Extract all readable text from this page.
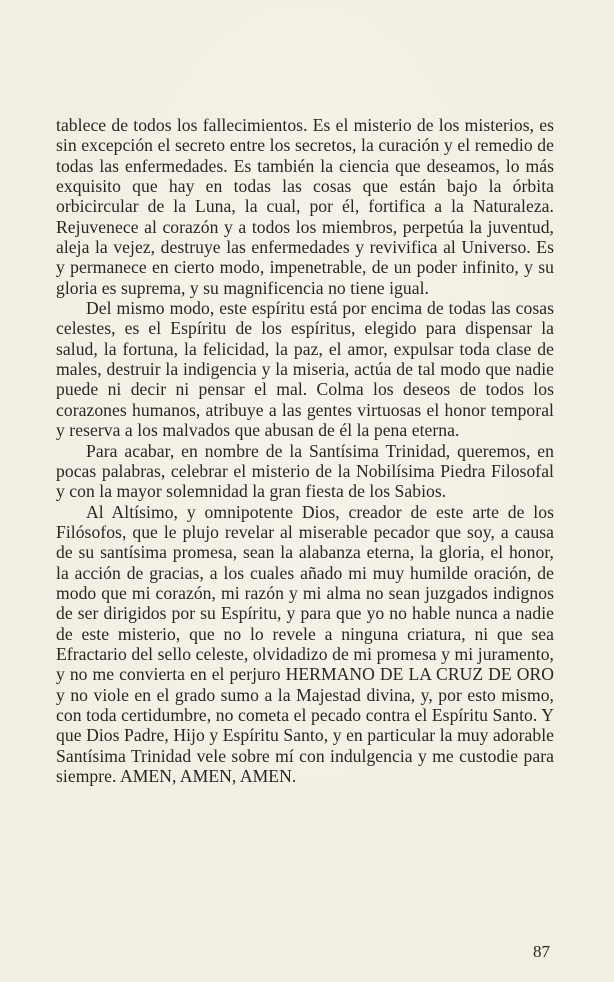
tablece de todos los fallecimientos. Es el misterio de los misterios, es sin excepción el secreto entre los secretos, la curación y el remedio de todas las enfermedades. Es también la ciencia que deseamos, lo más exquisito que hay en todas las cosas que están bajo la órbita orbicircular de la Luna, la cual, por él, fortifica a la Naturaleza. Rejuvenece al corazón y a todos los miembros, perpetúa la juventud, aleja la vejez, destruye las enfermedades y revivifica al Universo. Es y permanece en cierto modo, impenetrable, de un poder infinito, y su gloria es suprema, y su magnificencia no tiene igual.

Del mismo modo, este espíritu está por encima de todas las cosas celestes, es el Espíritu de los espíritus, elegido para dispensar la salud, la fortuna, la felicidad, la paz, el amor, expulsar toda clase de males, destruir la indigencia y la miseria, actúa de tal modo que nadie puede ni decir ni pensar el mal. Colma los deseos de todos los corazones humanos, atribuye a las gentes virtuosas el honor temporal y reserva a los malvados que abusan de él la pena eterna.

Para acabar, en nombre de la Santísima Trinidad, queremos, en pocas palabras, celebrar el misterio de la Nobilísima Piedra Filosofal y con la mayor solemnidad la gran fiesta de los Sabios.

Al Altísimo, y omnipotente Dios, creador de este arte de los Filósofos, que le plujo revelar al miserable pecador que soy, a causa de su santísima promesa, sean la alabanza eterna, la gloria, el honor, la acción de gracias, a los cuales añado mi muy humilde oración, de modo que mi corazón, mi razón y mi alma no sean juzgados indignos de ser dirigidos por su Espíritu, y para que yo no hable nunca a nadie de este misterio, que no lo revele a ninguna criatura, ni que sea Efractario del sello celeste, olvidadizo de mi promesa y mi juramento, y no me convierta en el perjuro HERMANO DE LA CRUZ DE ORO y no viole en el grado sumo a la Majestad divina, y, por esto mismo, con toda certidumbre, no cometa el pecado contra el Espíritu Santo. Y que Dios Padre, Hijo y Espíritu Santo, y en particular la muy adorable Santísima Trinidad vele sobre mí con indulgencia y me custodie para siempre. AMEN, AMEN, AMEN.

87
